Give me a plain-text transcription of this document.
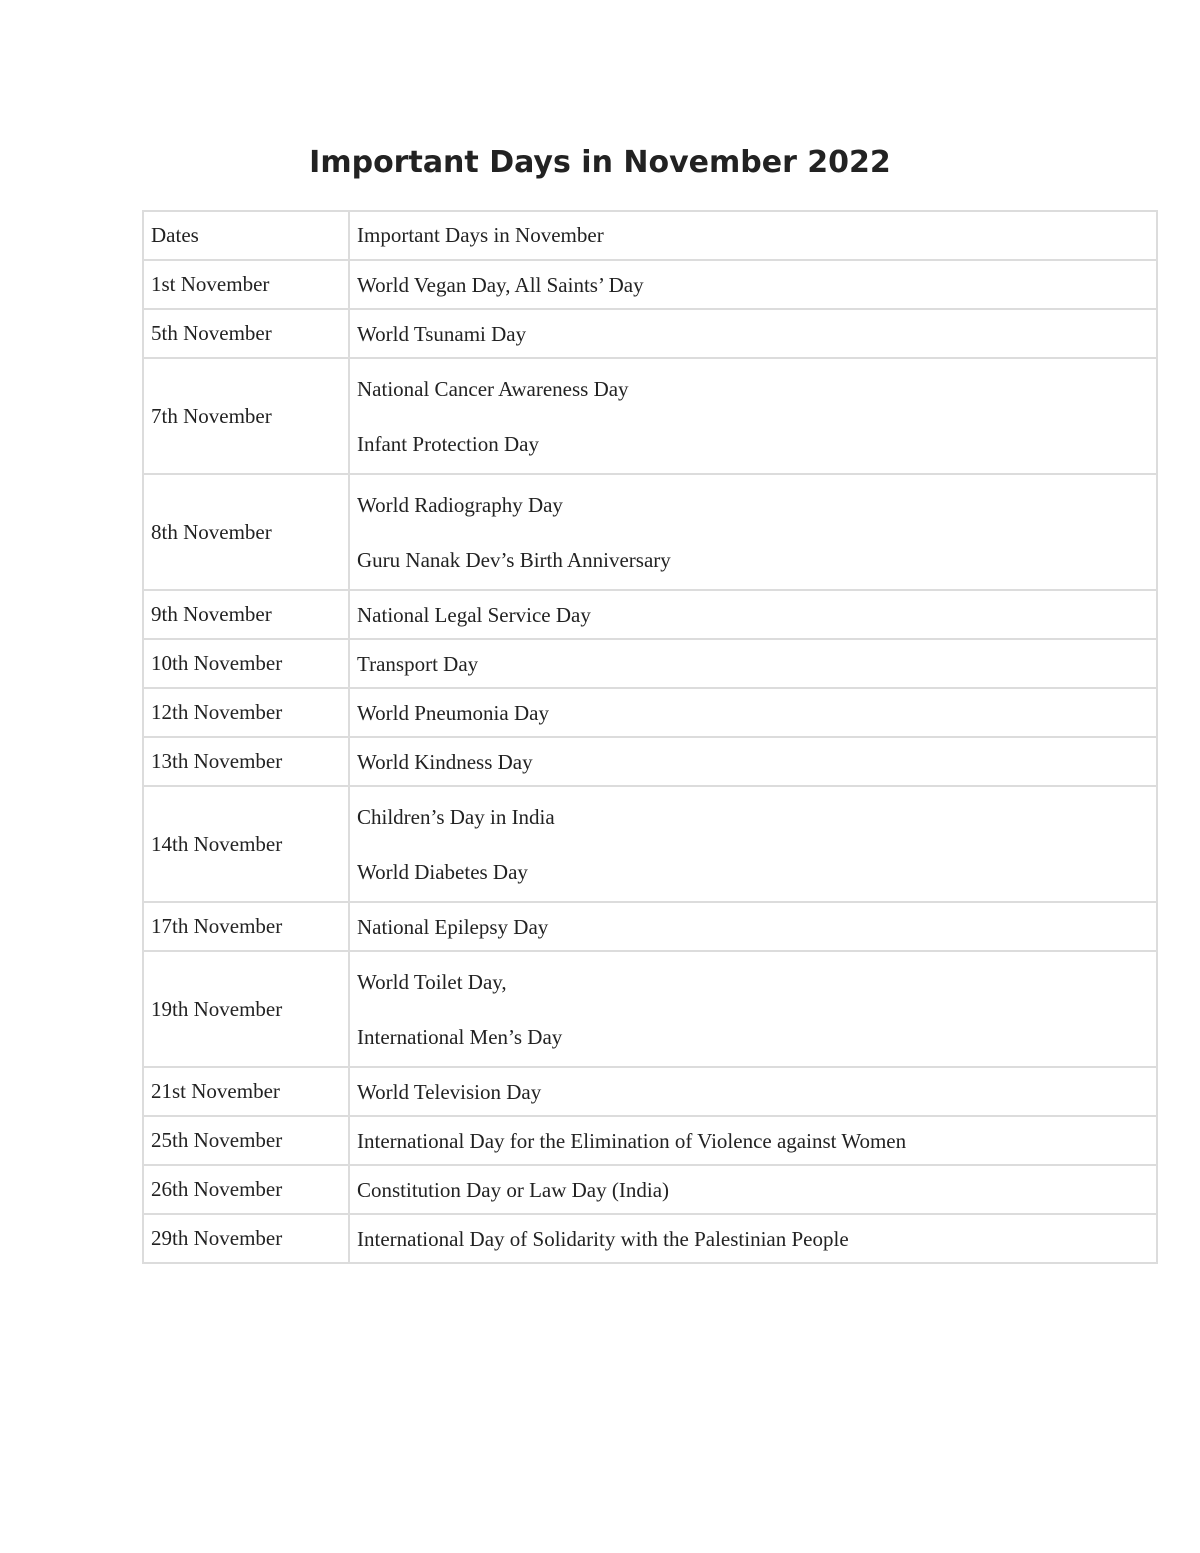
Important Days in November 2022
Dates	Important Days in November
1st November	World Vegan Day, All Saints’ Day

5th November	World Tsunami Day

7th November	National Cancer Awareness Day
Infant Protection Day

8th November	World Radiography Day
Guru Nanak Dev’s Birth Anniversary

9th November	National Legal Service Day

10th November	Transport Day

12th November	World Pneumonia Day

13th November	World Kindness Day

14th November	Children’s Day in India
World Diabetes Day

17th November	National Epilepsy Day

19th November	World Toilet Day,
International Men’s Day

21st November	World Television Day

25th November	International Day for the Elimination of Violence against Women

26th November	Constitution Day or Law Day (India)

29th November	International Day of Solidarity with the Palestinian People
